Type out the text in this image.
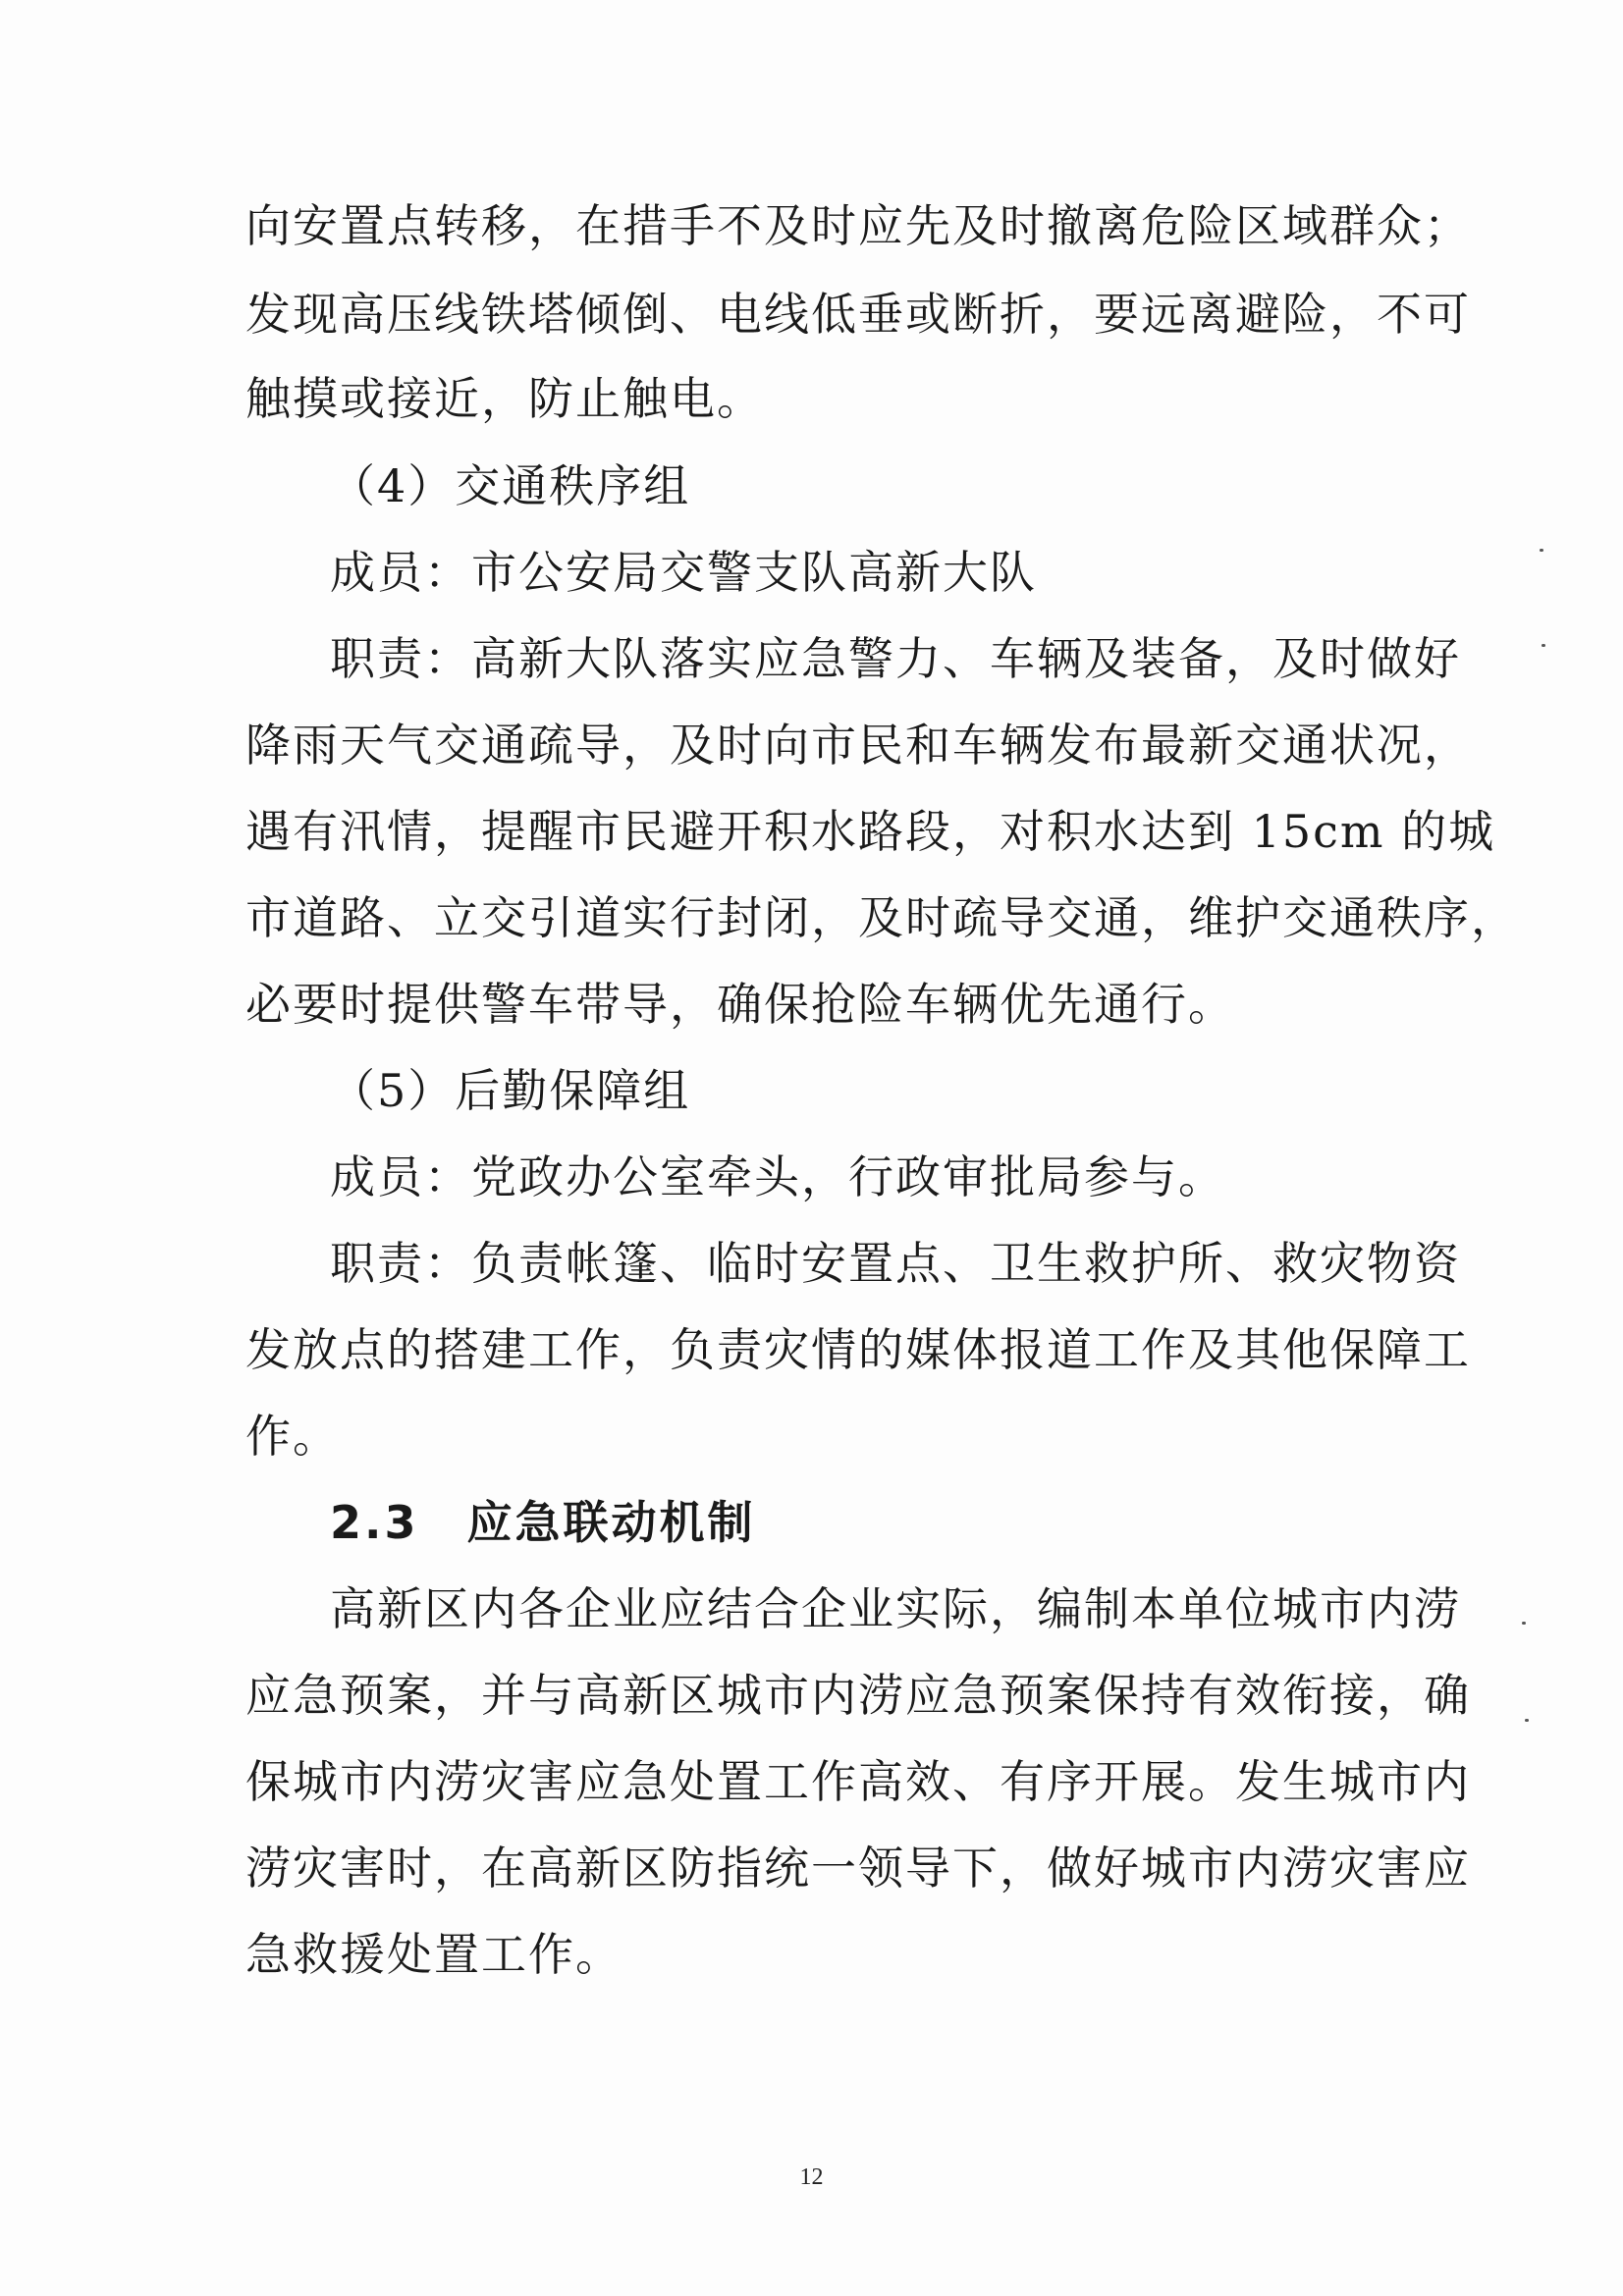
向安置点转移，在措手不及时应先及时撤离危险区域群众；
发现高压线铁塔倾倒、电线低垂或断折，要远离避险，不可
触摸或接近，防止触电。
（4）交通秩序组
成员：市公安局交警支队高新大队
职责：高新大队落实应急警力、车辆及装备，及时做好
降雨天气交通疏导，及时向市民和车辆发布最新交通状况，
遇有汛情，提醒市民避开积水路段，对积水达到 15cm 的城
市道路、立交引道实行封闭，及时疏导交通，维护交通秩序，
必要时提供警车带导，确保抢险车辆优先通行。
（5）后勤保障组
成员：党政办公室牵头，行政审批局参与。
职责：负责帐篷、临时安置点、卫生救护所、救灾物资
发放点的搭建工作，负责灾情的媒体报道工作及其他保障工
作。
2.3　应急联动机制
高新区内各企业应结合企业实际，编制本单位城市内涝
应急预案，并与高新区城市内涝应急预案保持有效衔接，确
保城市内涝灾害应急处置工作高效、有序开展。发生城市内
涝灾害时，在高新区防指统一领导下，做好城市内涝灾害应
急救援处置工作。
12
